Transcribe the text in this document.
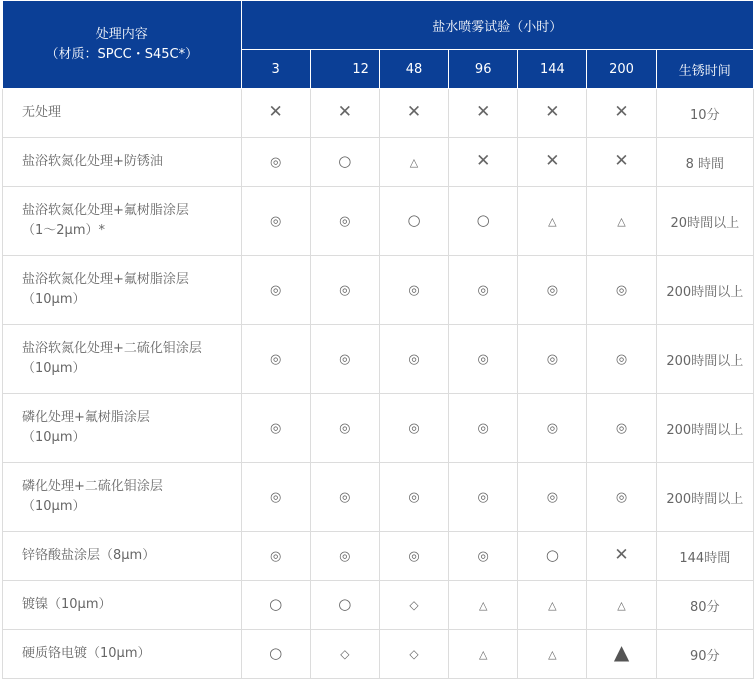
处理内容
（材质：SPCC・S45C*）	盐水喷雾试验（小时）						
	3	12	48	96	144	200	生锈时间
无处理	✕	✕	✕	✕	✕	✕	10分
盐浴软氮化处理+防锈油	◎	○	△	✕	✕	✕	8 時間
盐浴软氮化处理+氟树脂涂层
（1～2μm）*	◎	◎	○	○	△	△	20時間以上
盐浴软氮化处理+氟树脂涂层
（10μm）	◎	◎	◎	◎	◎	◎	200時間以上
盐浴软氮化处理+二硫化钼涂层
（10μm）	◎	◎	◎	◎	◎	◎	200時間以上
磷化处理+氟树脂涂层
（10μm）	◎	◎	◎	◎	◎	◎	200時間以上
磷化处理+二硫化钼涂层
（10μm）	◎	◎	◎	◎	◎	◎	200時間以上
锌铬酸盐涂层（8μm）	◎	◎	◎	◎	○	✕	144時間
镀镍（10μm）	○	○	◇	△	△	△	80分
硬质铬电镀（10μm）	○	◇	◇	△	△	▲	90分
